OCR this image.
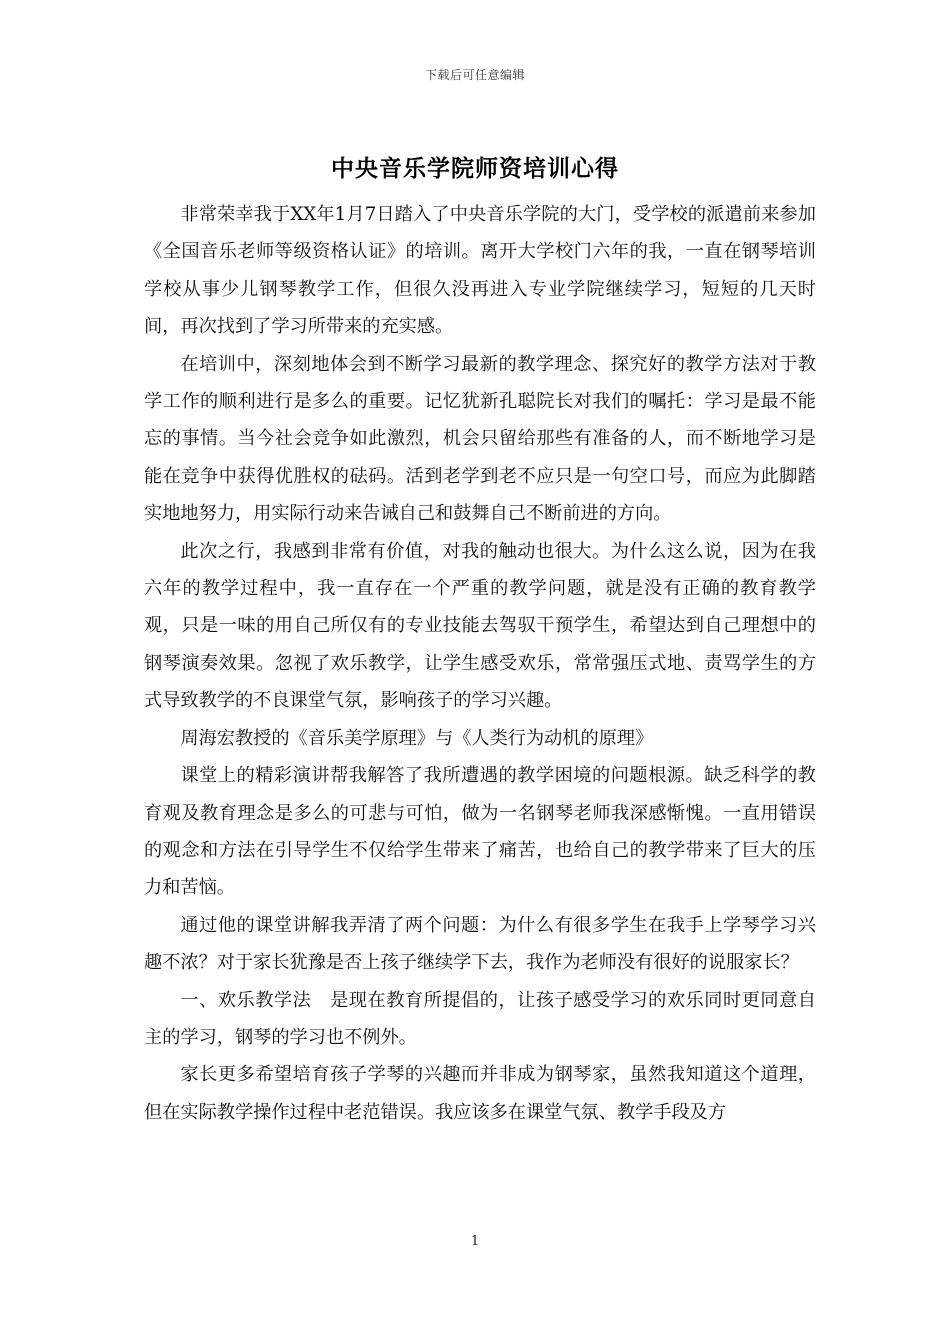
下载后可任意编辑
中央音乐学院师资培训心得

非常荣幸我于XX年1月7日踏入了中央音乐学院的大门，受学校的派遣前来参加《全国音乐老师等级资格认证》的培训。离开大学校门六年的我，一直在钢琴培训学校从事少儿钢琴教学工作，但很久没再进入专业学院继续学习，短短的几天时间，再次找到了学习所带来的充实感。

在培训中，深刻地体会到不断学习最新的教学理念、探究好的教学方法对于教学工作的顺利进行是多么的重要。记忆犹新孔聪院长对我们的嘱托：学习是最不能忘的事情。当今社会竞争如此激烈，机会只留给那些有准备的人，而不断地学习是能在竞争中获得优胜权的砝码。活到老学到老不应只是一句空口号，而应为此脚踏实地地努力，用实际行动来告诫自己和鼓舞自己不断前进的方向。

此次之行，我感到非常有价值，对我的触动也很大。为什么这么说，因为在我六年的教学过程中，我一直存在一个严重的教学问题，就是没有正确的教育教学观，只是一味的用自己所仅有的专业技能去驾驭干预学生，希望达到自己理想中的钢琴演奏效果。忽视了欢乐教学，让学生感受欢乐，常常强压式地、责骂学生的方式导致教学的不良课堂气氛，影响孩子的学习兴趣。

周海宏教授的《音乐美学原理》与《人类行为动机的原理》

课堂上的精彩演讲帮我解答了我所遭遇的教学困境的问题根源。缺乏科学的教育观及教育理念是多么的可悲与可怕，做为一名钢琴老师我深感惭愧。一直用错误的观念和方法在引导学生不仅给学生带来了痛苦，也给自己的教学带来了巨大的压力和苦恼。

通过他的课堂讲解我弄清了两个问题：为什么有很多学生在我手上学琴学习兴趣不浓？对于家长犹豫是否上孩子继续学下去，我作为老师没有很好的说服家长？

一、欢乐教学法　是现在教育所提倡的，让孩子感受学习的欢乐同时更同意自主的学习，钢琴的学习也不例外。

家长更多希望培育孩子学琴的兴趣而并非成为钢琴家，虽然我知道这个道理，但在实际教学操作过程中老范错误。我应该多在课堂气氛、教学手段及方

1
